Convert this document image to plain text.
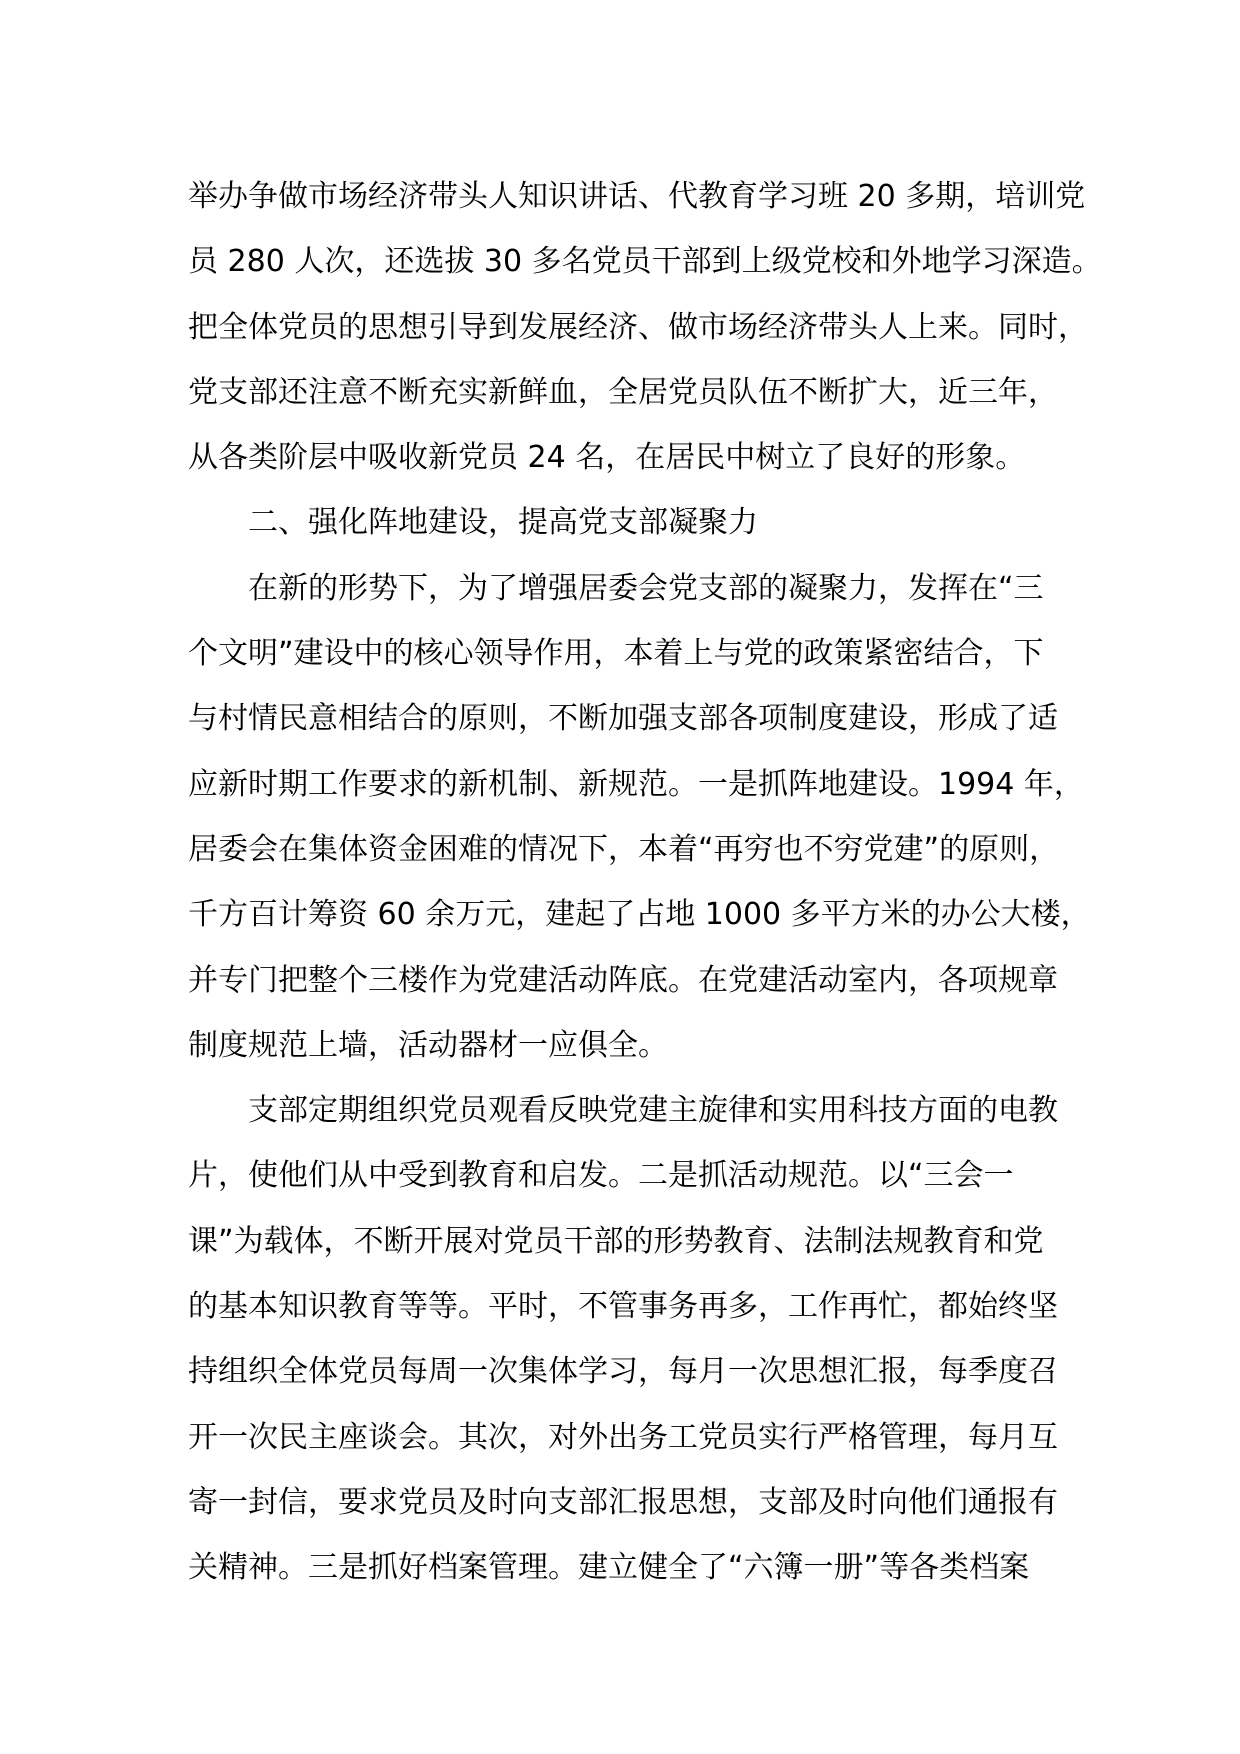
举办争做市场经济带头人知识讲话、代教育学习班 20 多期，培训党
员 280 人次，还选拔 30 多名党员干部到上级党校和外地学习深造。
把全体党员的思想引导到发展经济、做市场经济带头人上来。同时，
党支部还注意不断充实新鲜血，全居党员队伍不断扩大，近三年，
从各类阶层中吸收新党员 24 名，在居民中树立了良好的形象。
二、强化阵地建设，提高党支部凝聚力
在新的形势下，为了增强居委会党支部的凝聚力，发挥在“三
个文明”建设中的核心领导作用，本着上与党的政策紧密结合，下
与村情民意相结合的原则，不断加强支部各项制度建设，形成了适
应新时期工作要求的新机制、新规范。一是抓阵地建设。1994 年，
居委会在集体资金困难的情况下，本着“再穷也不穷党建”的原则，
千方百计筹资 60 余万元，建起了占地 1000 多平方米的办公大楼，
并专门把整个三楼作为党建活动阵底。在党建活动室内，各项规章
制度规范上墙，活动器材一应俱全。
支部定期组织党员观看反映党建主旋律和实用科技方面的电教
片，使他们从中受到教育和启发。二是抓活动规范。以“三会一
课”为载体，不断开展对党员干部的形势教育、法制法规教育和党
的基本知识教育等等。平时，不管事务再多，工作再忙，都始终坚
持组织全体党员每周一次集体学习，每月一次思想汇报，每季度召
开一次民主座谈会。其次，对外出务工党员实行严格管理，每月互
寄一封信，要求党员及时向支部汇报思想，支部及时向他们通报有
关精神。三是抓好档案管理。建立健全了“六簿一册”等各类档案
